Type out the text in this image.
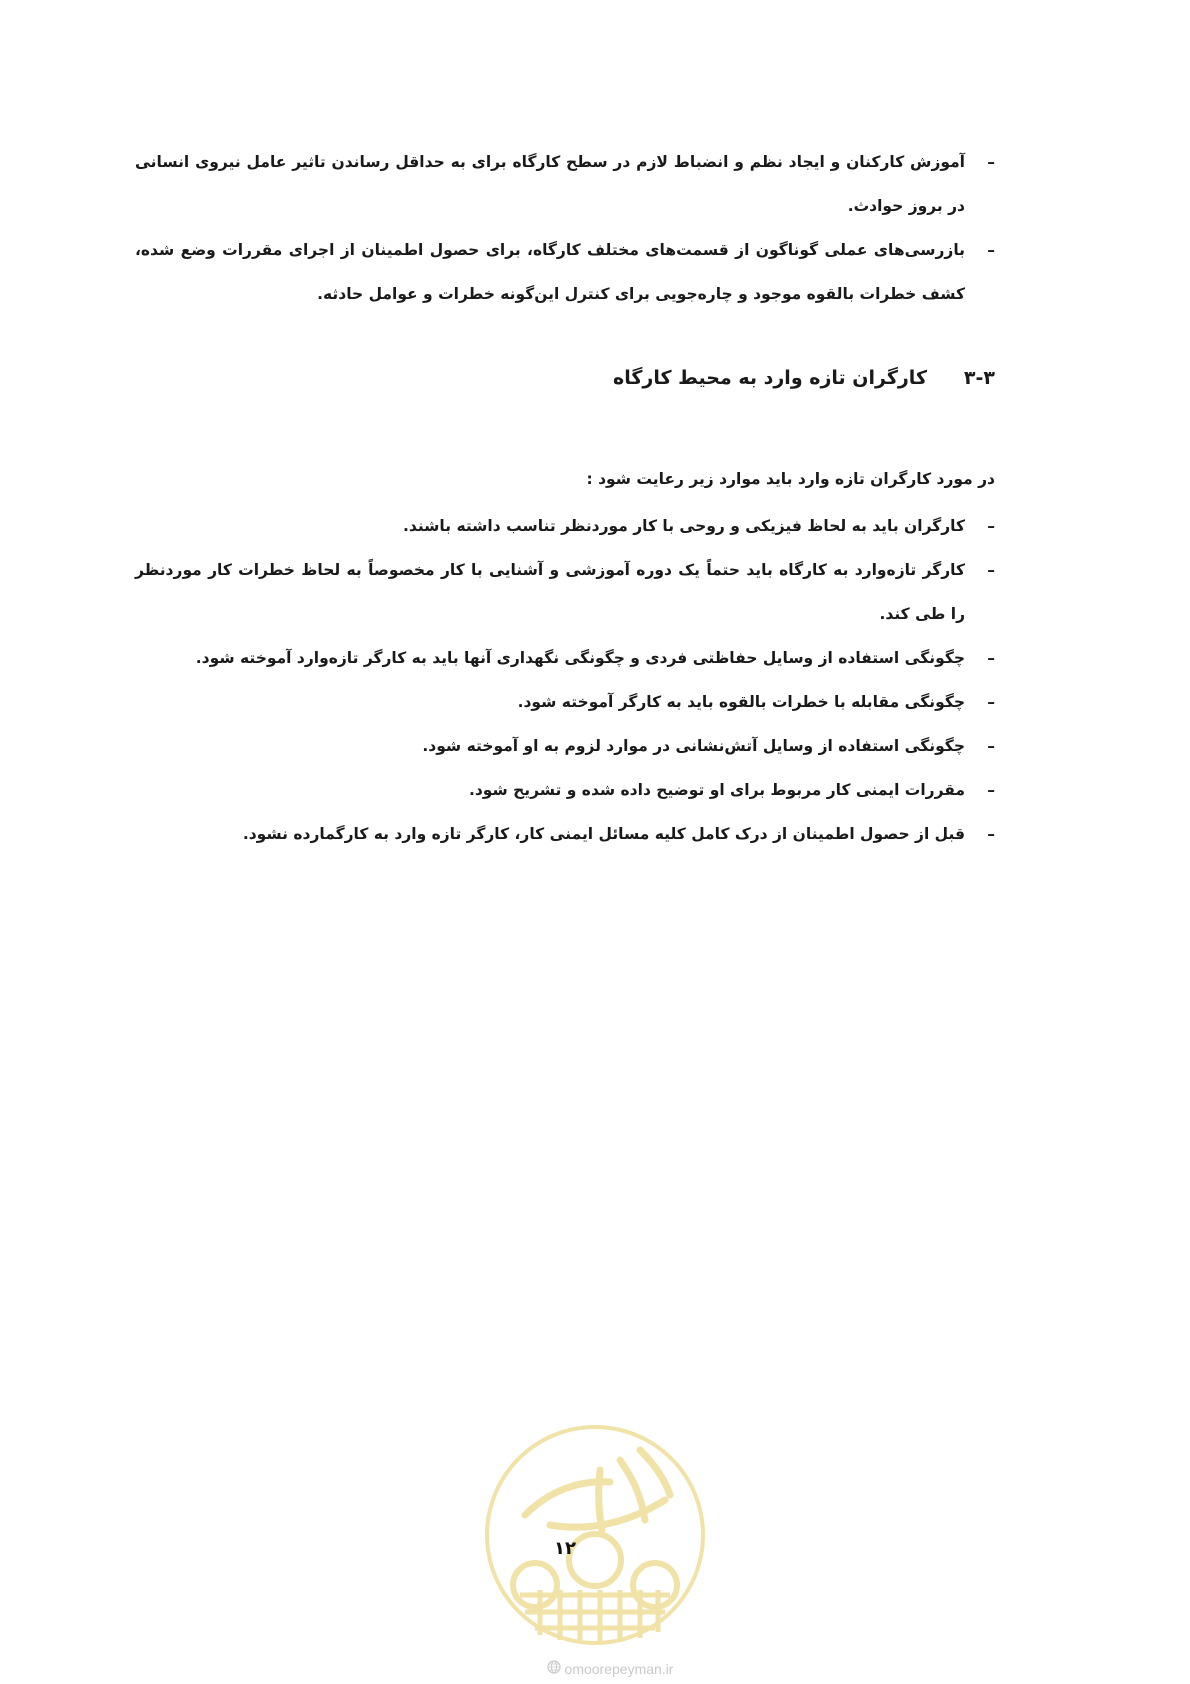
–
آموزش کارکنان و ایجاد نظم و انضباط لازم در سطح کارگاه برای به حداقل رساندن تاثیر عامل نیروی انسانی در بروز حوادث.
–
بازرسی‌های عملی گوناگون از قسمت‌های مختلف کارگاه، برای حصول اطمینان از اجرای مقررات وضع شده، کشف خطرات بالقوه موجود و چاره‌جویی برای کنترل این‌گونه خطرات و عوامل حادثه.
۳-۳
کارگران تازه وارد به محیط کارگاه
در مورد کارگران تازه وارد باید موارد زیر رعایت شود :
–
کارگران باید به لحاظ فیزیکی و روحی با کار موردنظر تناسب داشته باشند.
–
کارگر تازه‌وارد به کارگاه باید حتماً یک دوره آموزشی و آشنایی با کار مخصوصاً به لحاظ خطرات کار موردنظر را طی کند.
–
چگونگی استفاده از وسایل حفاظتی فردی و چگونگی نگهداری آنها باید به کارگر تازه‌وارد آموخته شود.
–
چگونگی مقابله با خطرات بالقوه باید به کارگر آموخته شود.
–
چگونگی استفاده از وسایل آتش‌نشانی در موارد لزوم به او آموخته شود.
–
مقررات ایمنی کار مربوط برای او توضیح داده شده و تشریح شود.
–
قبل از حصول اطمینان از درک کامل کلیه مسائل ایمنی کار، کارگر تازه وارد به کارگمارده نشود.
۱۲
omoorepeyman.ir
